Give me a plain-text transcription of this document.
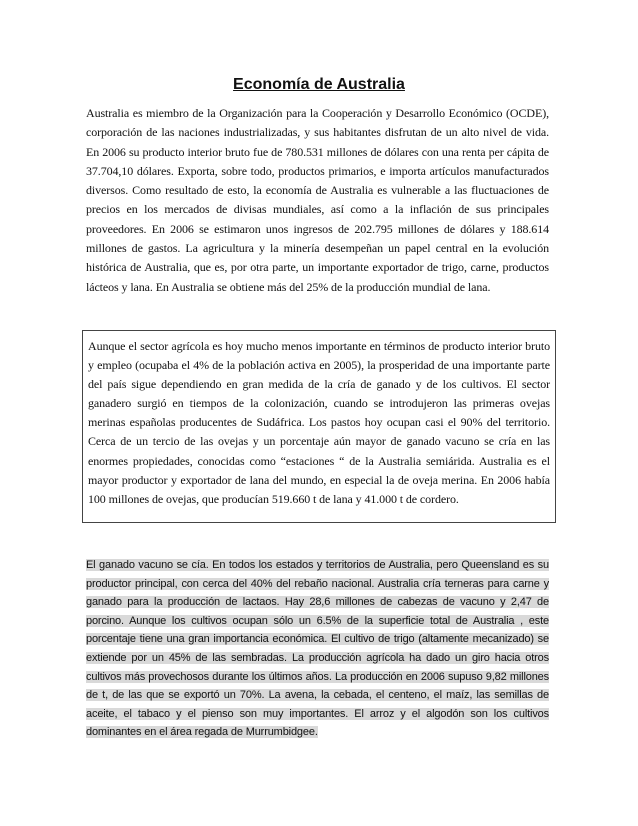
Economía de Australia

Australia es miembro de la Organización para la Cooperación y Desarrollo Económico (OCDE), corporación de las naciones industrializadas, y sus habitantes disfrutan de un alto nivel de vida. En 2006 su producto interior bruto fue de 780.531 millones de dólares con una renta per cápita de 37.704,10 dólares. Exporta, sobre todo, productos primarios, e importa artículos manufacturados diversos. Como resultado de esto, la economía de Australia es vulnerable a las fluctuaciones de precios en los mercados de divisas mundiales, así como a la inflación de sus principales proveedores. En 2006 se estimaron unos ingresos de 202.795 millones de dólares y 188.614 millones de gastos. La agricultura y la minería desempeñan un papel central en la evolución histórica de Australia, que es, por otra parte, un importante exportador de trigo, carne, productos lácteos y lana. En Australia se obtiene más del 25% de la producción mundial de lana.

Aunque el sector agrícola es hoy mucho menos importante en términos de producto interior bruto y empleo (ocupaba el 4% de la población activa en 2005), la prosperidad de una importante parte del país sigue dependiendo en gran medida de la cría de ganado y de los cultivos. El sector ganadero surgió en tiempos de la colonización, cuando se introdujeron las primeras ovejas merinas españolas producentes de Sudáfrica. Los pastos hoy ocupan casi el 90% del territorio. Cerca de un tercio de las ovejas y un porcentaje aún mayor de ganado vacuno se cría en las enormes propiedades, conocidas como “estaciones “ de la Australia semiárida. Australia es el mayor productor y exportador de lana del mundo, en especial la de oveja merina. En 2006 había 100 millones de ovejas, que producían 519.660 t de lana y 41.000 t de cordero.

El ganado vacuno se cía. En todos los estados y territorios de Australia, pero Queensland es su productor principal, con cerca del 40% del rebaño nacional. Australia cría terneras para carne y ganado para la producción de lactaos. Hay 28,6 millones de cabezas de vacuno y 2,47 de porcino. Aunque los cultivos ocupan sólo un 6.5% de la superficie total de Australia , este porcentaje tiene una gran importancia económica. El cultivo de trigo (altamente mecanizado) se extiende por un 45% de las sembradas. La producción agrícola ha dado un giro hacia otros cultivos más provechosos durante los últimos años. La producción en 2006 supuso 9,82 millones de t, de las que se exportó un 70%. La avena, la cebada, el centeno, el maíz, las semillas de aceite, el tabaco y el pienso son muy importantes. El arroz y el algodón son los cultivos dominantes en el área regada de Murrumbidgee.
